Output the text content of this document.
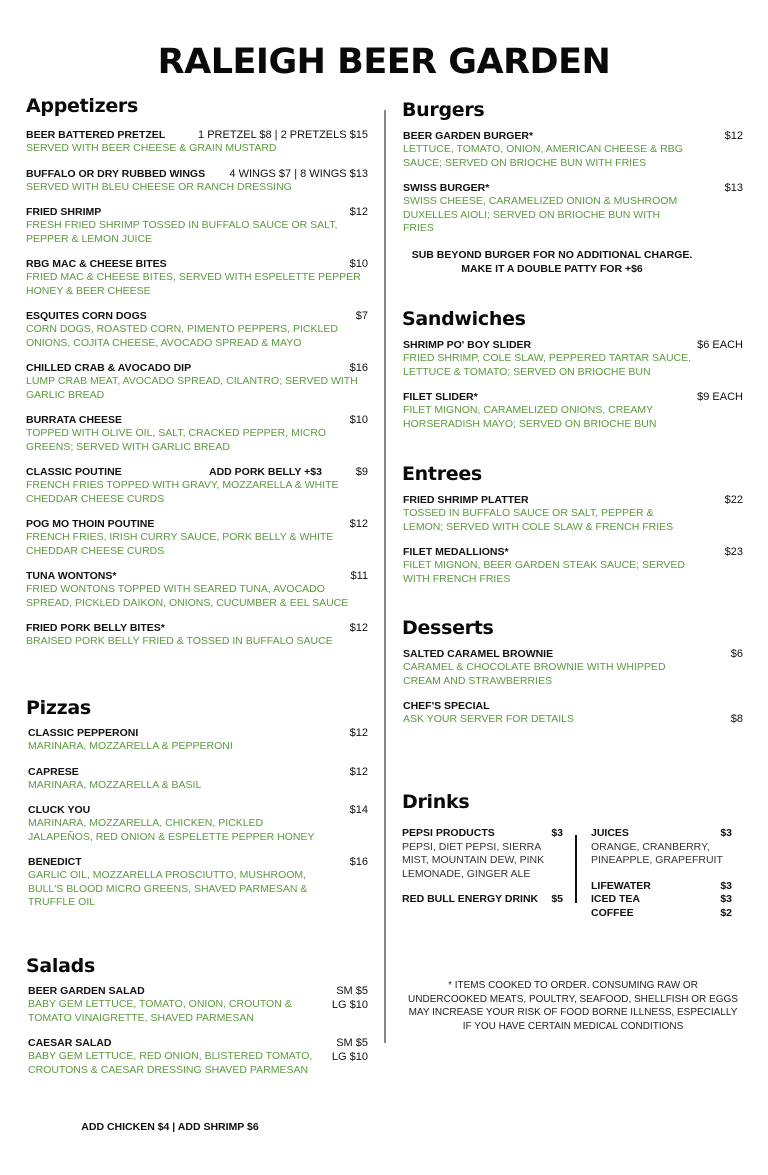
RALEIGH BEER GARDEN
Appetizers
BEER BATTERED PRETZEL	1 PRETZEL $8 | 2 PRETZELS $15
SERVED WITH BEER CHEESE & GRAIN MUSTARD
BUFFALO OR DRY RUBBED WINGS 4 WINGS $7 | 8 WINGS $13
SERVED WITH BLEU CHEESE OR RANCH DRESSING
FRIED SHRIMP	$12
FRESH FRIED SHRIMP TOSSED IN BUFFALO SAUCE OR SALT, PEPPER & LEMON JUICE
RBG MAC & CHEESE BITES	$10
FRIED MAC & CHEESE BITES, SERVED WITH ESPELETTE PEPPER HONEY & BEER CHEESE
ESQUITES CORN DOGS	$7
CORN DOGS, ROASTED CORN, PIMENTO PEPPERS, PICKLED ONIONS, COJITA CHEESE, AVOCADO SPREAD & MAYO
CHILLED CRAB & AVOCADO DIP	$16
LUMP CRAB MEAT, AVOCADO SPREAD, CILANTRO; SERVED WITH GARLIC BREAD
BURRATA CHEESE	$10
TOPPED WITH OLIVE OIL, SALT, CRACKED PEPPER, MICRO GREENS; SERVED WITH GARLIC BREAD
CLASSIC POUTINE	$9
ADD PORK BELLY +$3
FRENCH FRIES TOPPED WITH GRAVY, MOZZARELLA & WHITE CHEDDAR CHEESE CURDS
POG MO THOIN POUTINE	$12
FRENCH FRIES, IRISH CURRY SAUCE, PORK BELLY & WHITE CHEDDAR CHEESE CURDS
TUNA WONTONS*	$11
FRIED WONTONS TOPPED WITH SEARED TUNA, AVOCADO SPREAD, PICKLED DAIKON, ONIONS, CUCUMBER & EEL SAUCE
FRIED PORK BELLY BITES*	$12
BRAISED PORK BELLY FRIED & TOSSED IN BUFFALO SAUCE
Pizzas
CLASSIC PEPPERONI	$12
MARINARA, MOZZARELLA & PEPPERONI
CAPRESE	$12
MARINARA, MOZZARELLA & BASIL
CLUCK YOU	$14
MARINARA, MOZZARELLA, CHICKEN, PICKLED JALAPEÑOS, RED ONION & ESPELETTE PEPPER HONEY
BENEDICT	$16
GARLIC OIL, MOZZARELLA PROSCIUTTO, MUSHROOM, BULL'S BLOOD MICRO GREENS, SHAVED PARMESAN & TRUFFLE OIL
Salads
BEER GARDEN SALAD
BABY GEM LETTUCE, TOMATO, ONION, CROUTON & TOMATO VINAIGRETTE, SHAVED PARMESAN
SM $5
LG $10
CAESAR SALAD
BABY GEM LETTUCE, RED ONION, BLISTERED TOMATO, CROUTONS & CAESAR DRESSING SHAVED PARMESAN
SM $5
LG $10
ADD CHICKEN $4 | ADD SHRIMP $6
Burgers
BEER GARDEN BURGER*	$12
LETTUCE, TOMATO, ONION, AMERICAN CHEESE & RBG SAUCE; SERVED ON BRIOCHE BUN WITH FRIES
SWISS BURGER*	$13
SWISS CHEESE, CARAMELIZED ONION & MUSHROOM DUXELLES AIOLI; SERVED ON BRIOCHE BUN WITH FRIES
SUB BEYOND BURGER FOR NO ADDITIONAL CHARGE.
MAKE IT A DOUBLE PATTY FOR +$6
Sandwiches
SHRIMP PO' BOY SLIDER	$6 EACH
FRIED SHRIMP, COLE SLAW, PEPPERED TARTAR SAUCE, LETTUCE & TOMATO; SERVED ON BRIOCHE BUN
FILET SLIDER*	$9 EACH
FILET MIGNON, CARAMELIZED ONIONS, CREAMY HORSERADISH MAYO; SERVED ON BRIOCHE BUN
Entrees
FRIED SHRIMP PLATTER	$22
TOSSED IN BUFFALO SAUCE OR SALT, PEPPER & LEMON; SERVED WITH COLE SLAW & FRENCH FRIES
FILET MEDALLIONS*	$23
FILET MIGNON, BEER GARDEN STEAK SAUCE; SERVED WITH FRENCH FRIES
Desserts
SALTED CARAMEL BROWNIE	$6
CARAMEL & CHOCOLATE BROWNIE WITH WHIPPED CREAM AND STRAWBERRIES
CHEF'S SPECIAL
ASK YOUR SERVER FOR DETAILS	$8
Drinks
PEPSI PRODUCTS	$3
PEPSI, DIET PEPSI, SIERRA MIST, MOUNTAIN DEW, PINK LEMONADE, GINGER ALE
RED BULL ENERGY DRINK $5
JUICES	$3
ORANGE, CRANBERRY, PINEAPPLE, GRAPEFRUIT
LIFEWATER	$3
ICED TEA	$3
COFFEE	$2
* ITEMS COOKED TO ORDER. CONSUMING RAW OR UNDERCOOKED MEATS, POULTRY, SEAFOOD, SHELLFISH OR EGGS MAY INCREASE YOUR RISK OF FOOD BORNE ILLNESS, ESPECIALLY IF YOU HAVE CERTAIN MEDICAL CONDITIONS
